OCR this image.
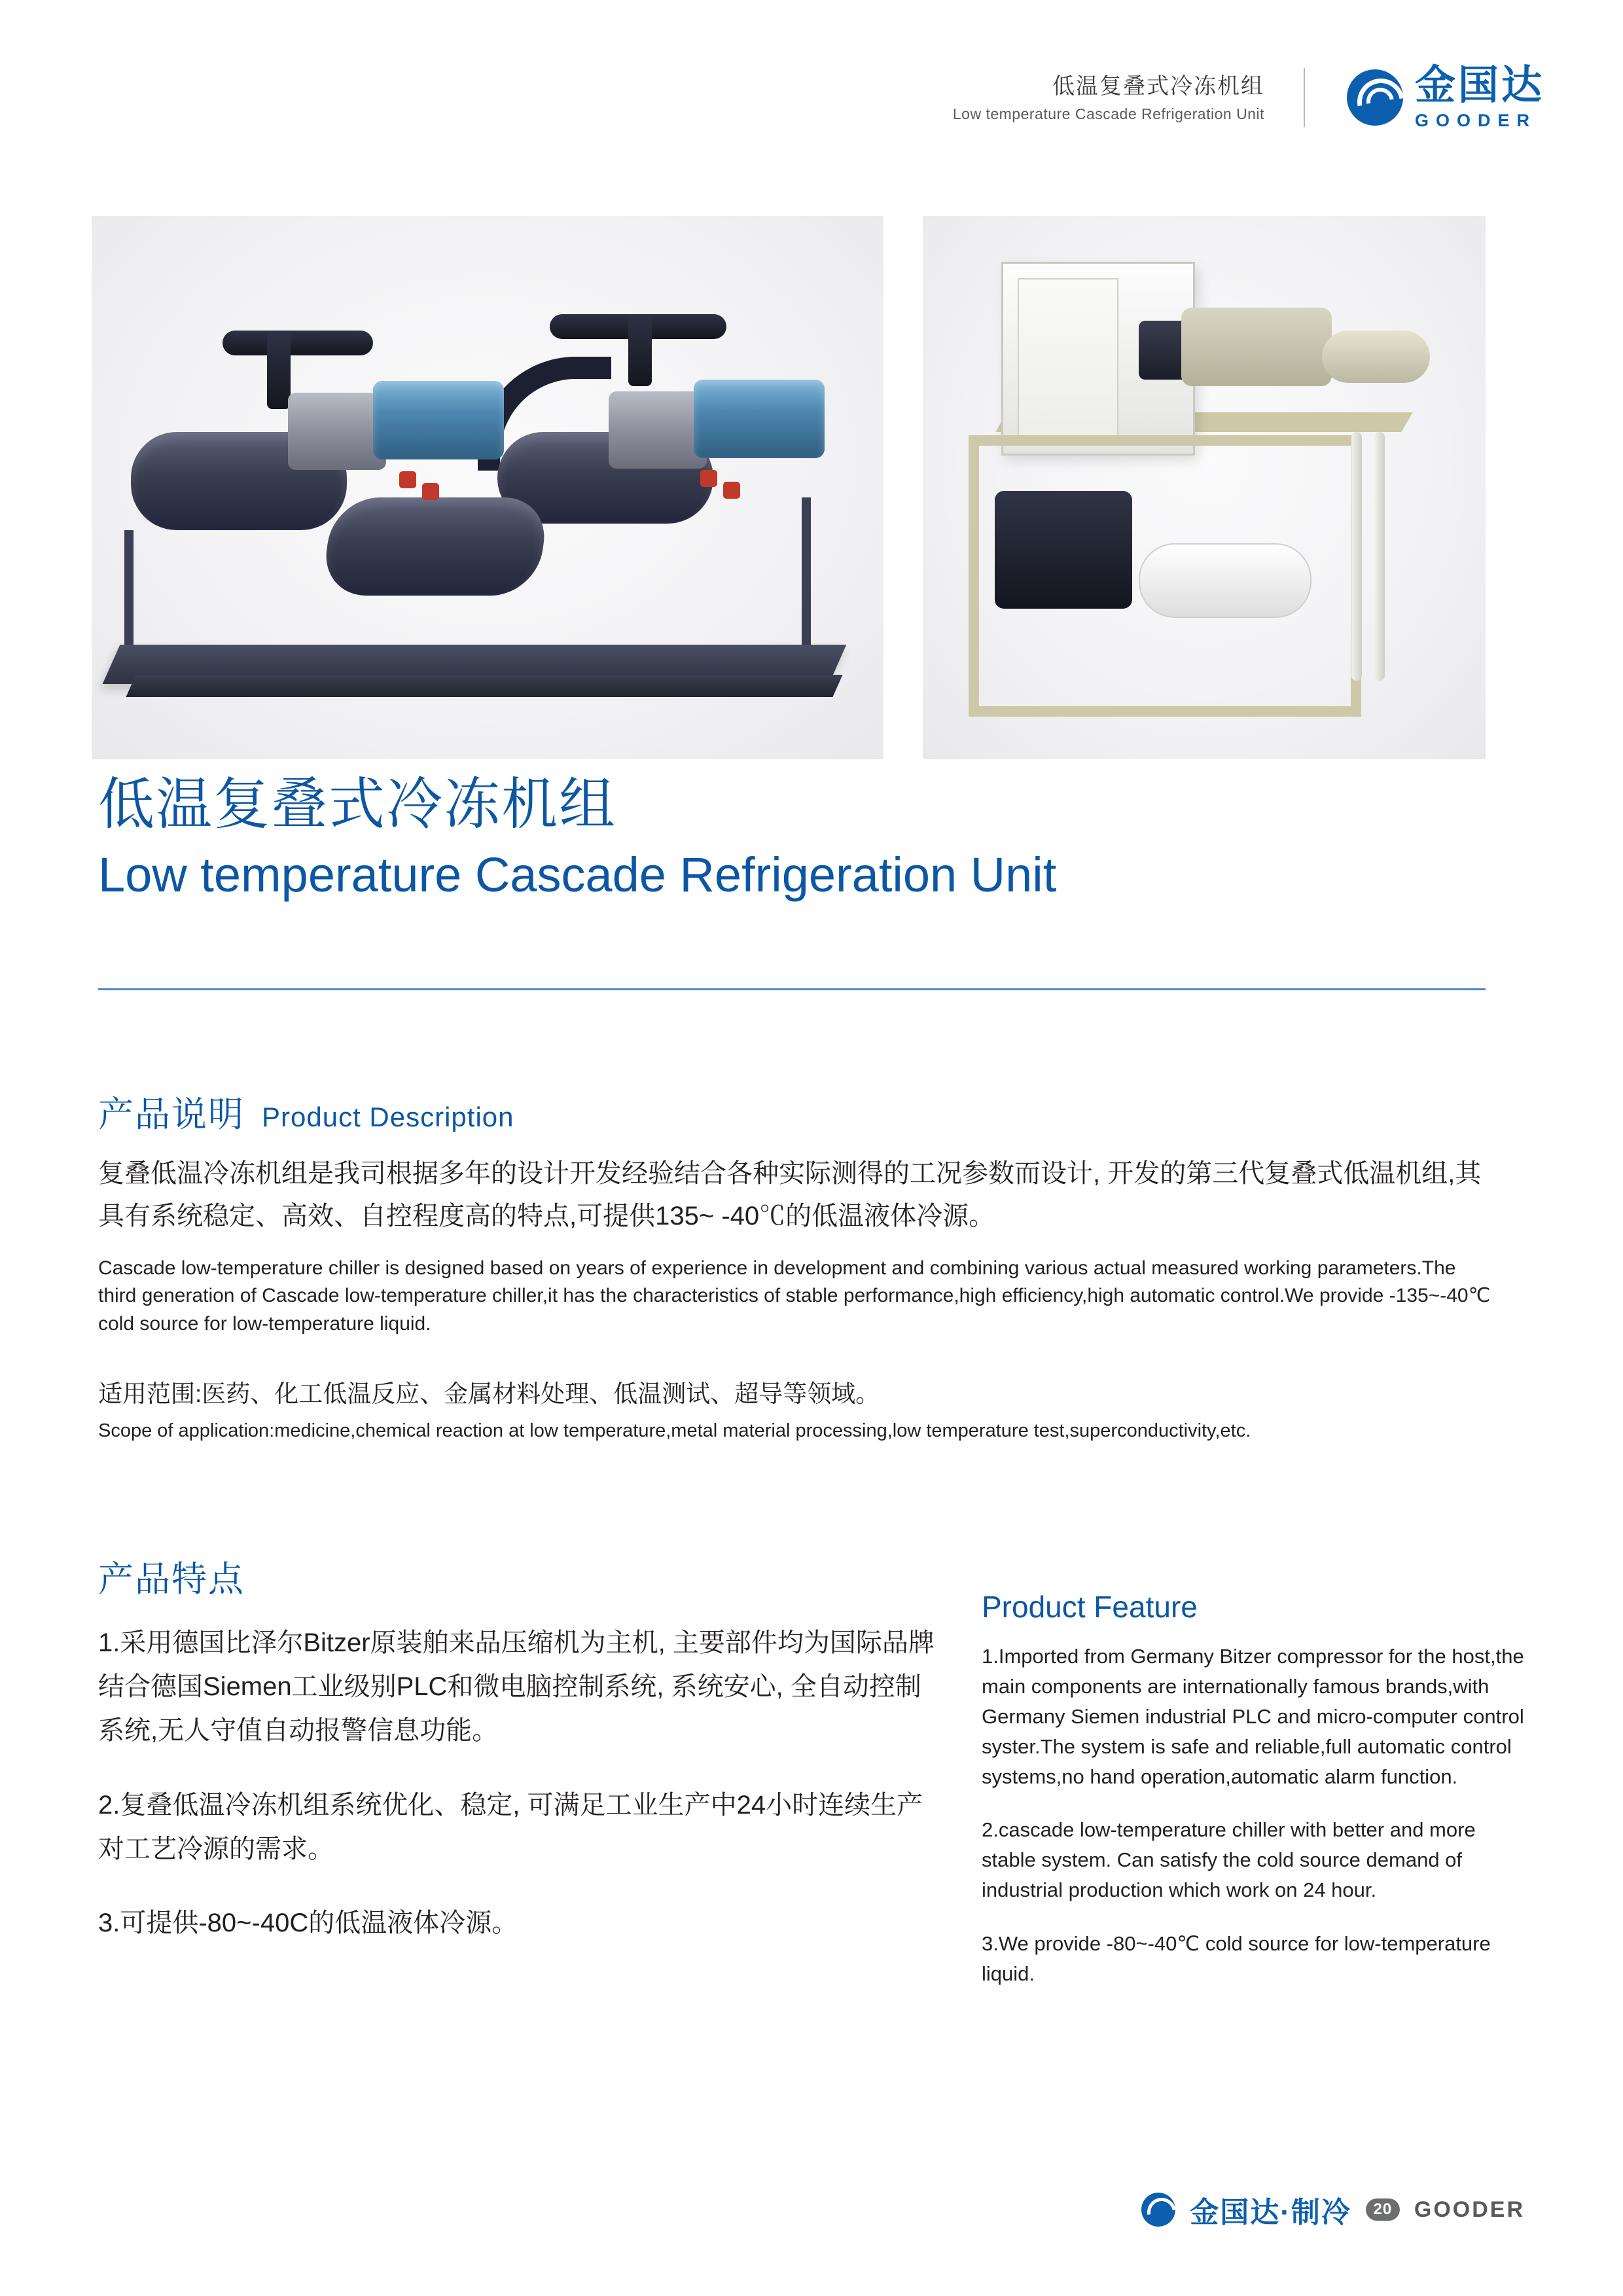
低温复叠式冷冻机组
Low temperature Cascade Refrigeration Unit
金国达
GOODER
低温复叠式冷冻机组
Low temperature Cascade Refrigeration Unit
产品说明 Product Description

复叠低温冷冻机组是我司根据多年的设计开发经验结合各种实际测得的工况参数而设计, 开发的第三代复叠式低温机组,其具有系统稳定、高效、自控程度高的特点,可提供135~ -40℃的低温液体冷源。

Cascade low-temperature chiller is designed based on years of experience in development and combining various actual measured working parameters.The third generation of Cascade low-temperature chiller,it has the characteristics of stable performance,high efficiency,high automatic control.We provide -135~-40℃ cold source for low-temperature liquid.

适用范围:医药、化工低温反应、金属材料处理、低温测试、超导等领域。

Scope of application:medicine,chemical reaction at low temperature,metal material processing,low temperature test,superconductivity,etc.

产品特点

1.采用德国比泽尔Bitzer原装舶来品压缩机为主机, 主要部件均为国际品牌结合德国Siemen工业级别PLC和微电脑控制系统, 系统安心, 全自动控制系统,无人守值自动报警信息功能。

2.复叠低温冷冻机组系统优化、稳定, 可满足工业生产中24小时连续生产对工艺冷源的需求。

3.可提供-80~-40C的低温液体冷源。

Product Feature

1.Imported from Germany Bitzer compressor for the host,the main components are internationally famous brands,with Germany Siemen industrial PLC and micro-computer control syster.The system is safe and reliable,full automatic control systems,no hand operation,automatic alarm function.

2.cascade low-temperature chiller with better and more stable system. Can satisfy the cold source demand of industrial production which work on 24 hour.

3.We provide -80~-40℃ cold source for low-temperature liquid.

金国达·制冷	20 GOODER
